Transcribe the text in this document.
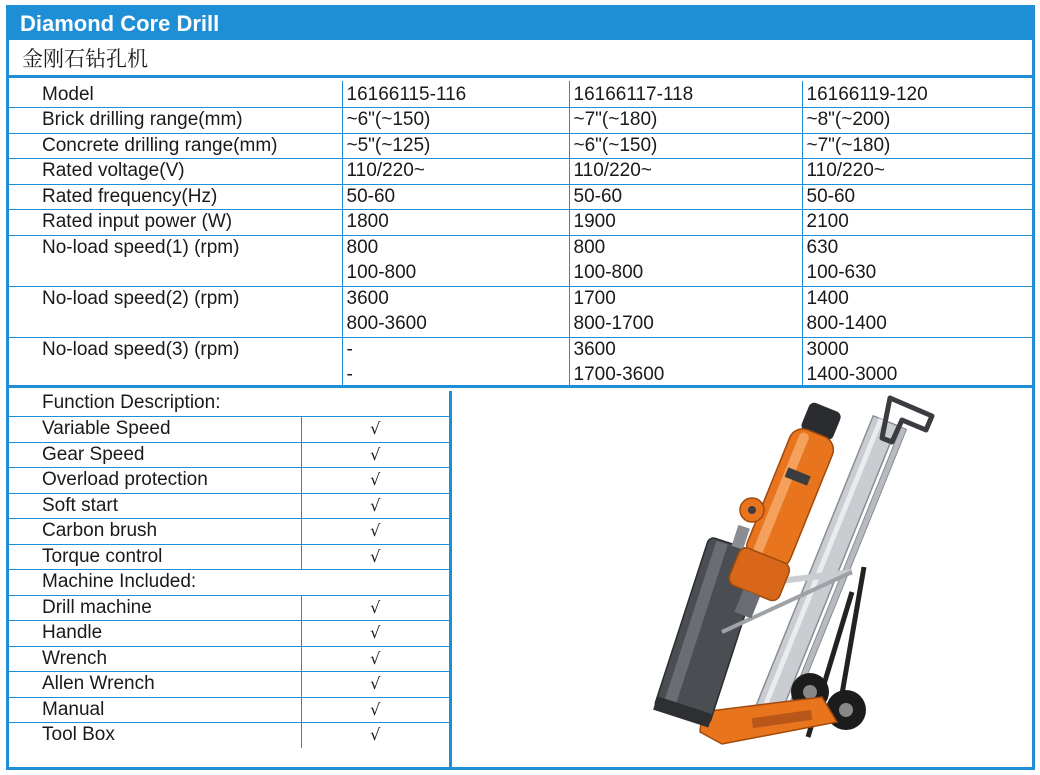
Diamond Core Drill
金刚石钻孔机
Model	16166115-116	16166117-118	16166119-120
Brick drilling range(mm)	~6"(~150)	~7"(~180)	~8"(~200)
Concrete drilling range(mm)	~5"(~125)	~6"(~150)	~7"(~180)
Rated voltage(V)	110/220~	110/220~	110/220~
Rated frequency(Hz)	50-60	50-60	50-60
Rated input power (W)	1800	1900	2100
No-load speed(1) (rpm)	800	800	630
	100-800	100-800	100-630
No-load speed(2) (rpm)	3600	1700	1400
	800-3600	800-1700	800-1400
No-load speed(3) (rpm)	-	3600	3000
	-	1700-3600	1400-3000
Function Description:	
Variable Speed	√
Gear Speed	√
Overload protection	√
Soft start	√
Carbon brush	√
Torque control	√
Machine Included:	
Drill machine	√
Handle	√
Wrench	√
Allen Wrench	√
Manual	√
Tool Box	√
